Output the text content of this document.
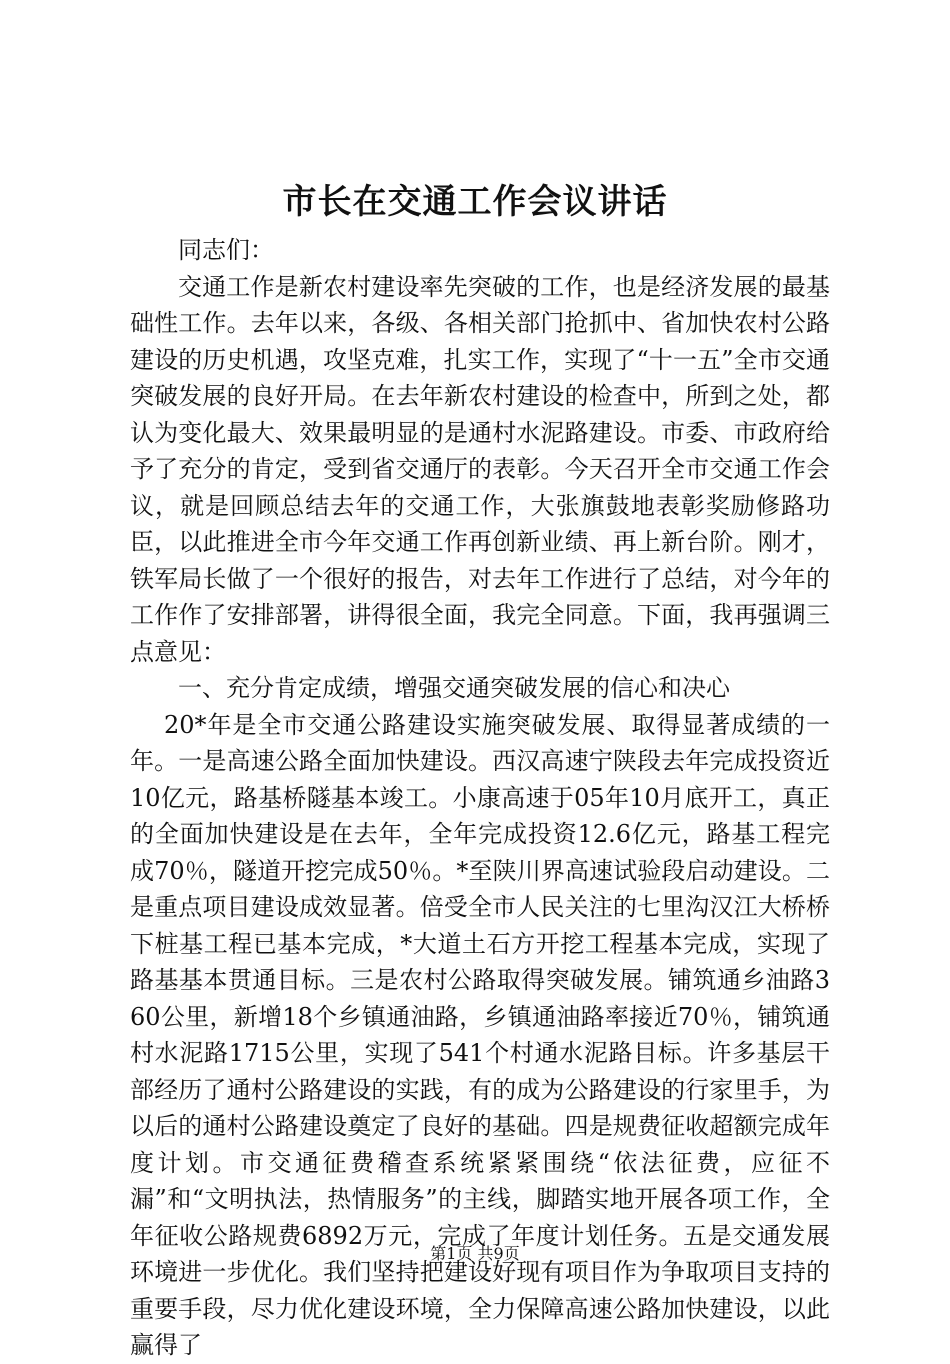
市长在交通工作会议讲话

同志们：

交通工作是新农村建设率先突破的工作，也是经济发展的最基础性工作。去年以来，各级、各相关部门抢抓中、省加快农村公路建设的历史机遇，攻坚克难，扎实工作，实现了“十一五”全市交通突破发展的良好开局。在去年新农村建设的检查中，所到之处，都认为变化最大、效果最明显的是通村水泥路建设。市委、市政府给予了充分的肯定，受到省交通厅的表彰。今天召开全市交通工作会议，就是回顾总结去年的交通工作，大张旗鼓地表彰奖励修路功臣，以此推进全市今年交通工作再创新业绩、再上新台阶。刚才，铁军局长做了一个很好的报告，对去年工作进行了总结，对今年的工作作了安排部署，讲得很全面，我完全同意。下面，我再强调三点意见：

一、充分肯定成绩，增强交通突破发展的信心和决心

20*年是全市交通公路建设实施突破发展、取得显著成绩的一年。一是高速公路全面加快建设。西汉高速宁陕段去年完成投资近10亿元，路基桥隧基本竣工。小康高速于05年10月底开工，真正的全面加快建设是在去年，全年完成投资12.6亿元，路基工程完成70％，隧道开挖完成50％。*至陕川界高速试验段启动建设。二是重点项目建设成效显著。倍受全市人民关注的七里沟汉江大桥桥下桩基工程已基本完成，*大道土石方开挖工程基本完成，实现了路基基本贯通目标。三是农村公路取得突破发展。铺筑通乡油路360公里，新增18个乡镇通油路，乡镇通油路率接近70％，铺筑通村水泥路1715公里，实现了541个村通水泥路目标。许多基层干部经历了通村公路建设的实践，有的成为公路建设的行家里手，为以后的通村公路建设奠定了良好的基础。四是规费征收超额完成年度计划。市交通征费稽查系统紧紧围绕“依法征费，应征不漏”和“文明执法，热情服务”的主线，脚踏实地开展各项工作，全年征收公路规费6892万元，完成了年度计划任务。五是交通发展环境进一步优化。我们坚持把建设好现有项目作为争取项目支持的重要手段，尽力优化建设环境，全力保障高速公路加快建设，以此赢得了

第1页 共9页
